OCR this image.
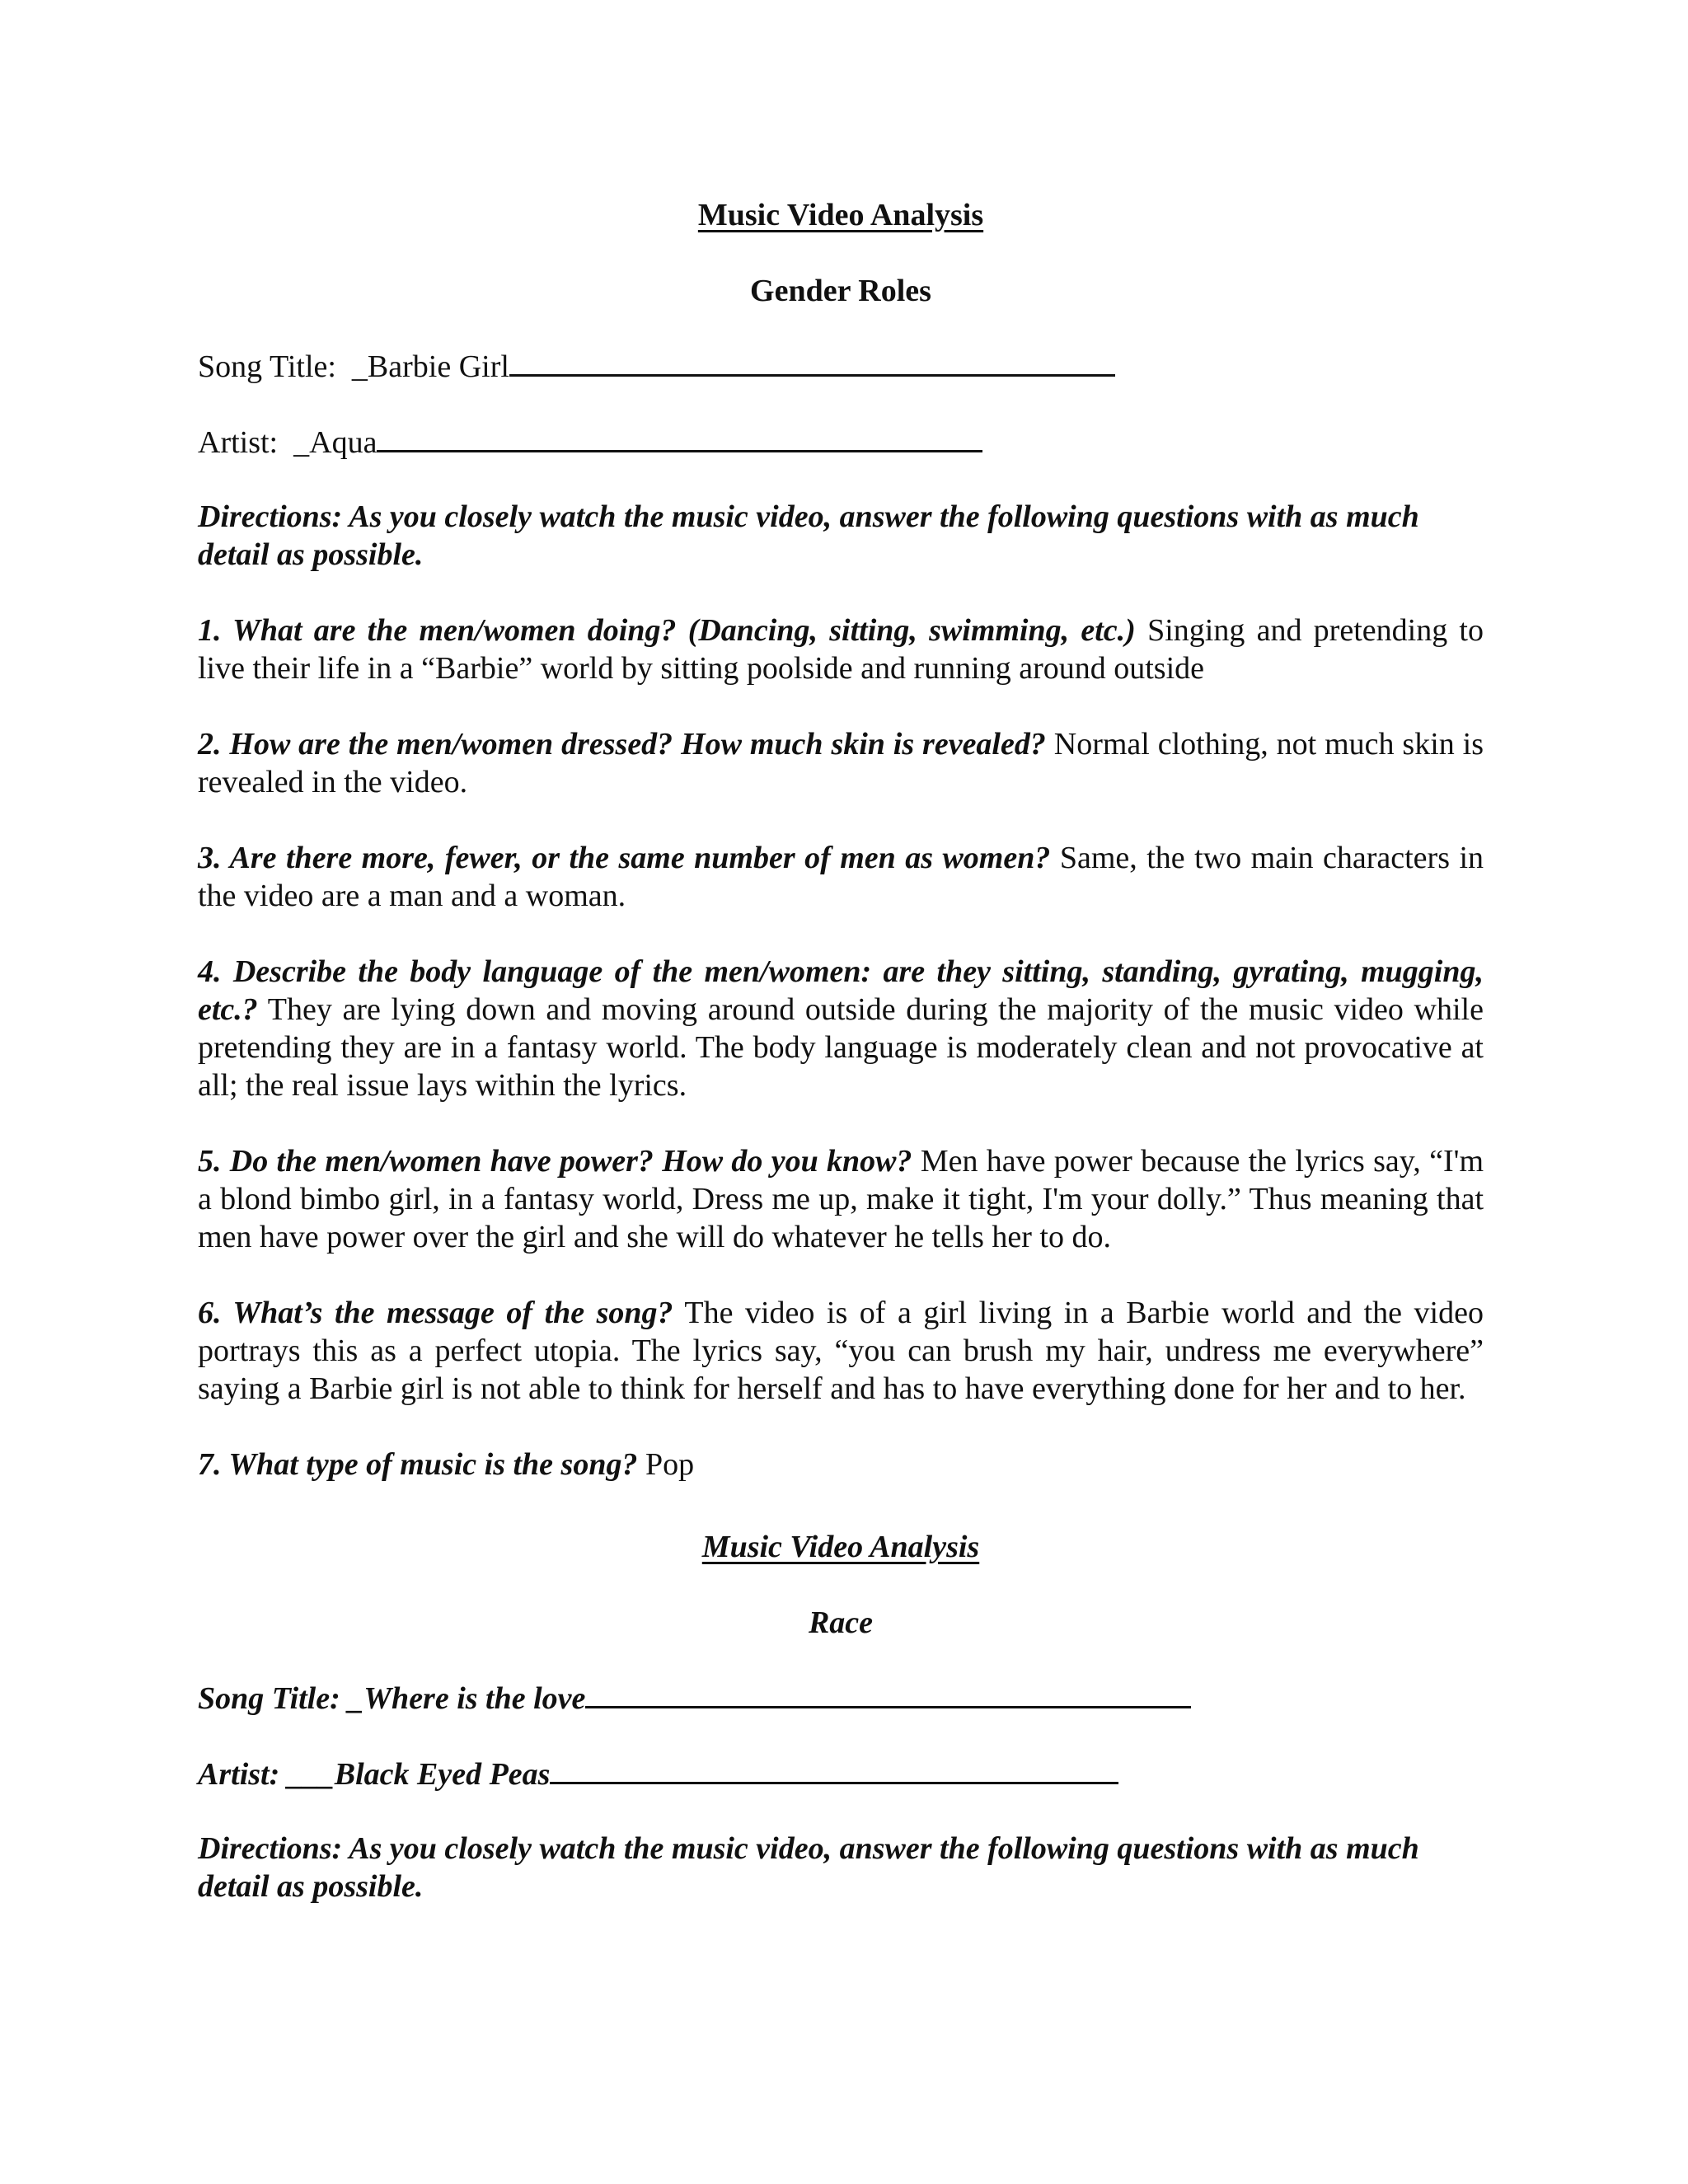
Music Video Analysis
Gender Roles
Song Title: _Barbie Girl
Artist: _Aqua
Directions: As you closely watch the music video, answer the following questions with as much detail as possible.
1. What are the men/women doing? (Dancing, sitting, swimming, etc.) Singing and pretending to live their life in a “Barbie” world by sitting poolside and running around outside
2. How are the men/women dressed? How much skin is revealed? Normal clothing, not much skin is revealed in the video.
3. Are there more, fewer, or the same number of men as women? Same, the two main characters in the video are a man and a woman.
4. Describe the body language of the men/women: are they sitting, standing, gyrating, mugging, etc.? They are lying down and moving around outside during the majority of the music video while pretending they are in a fantasy world. The body language is moderately clean and not provocative at all; the real issue lays within the lyrics.
5. Do the men/women have power? How do you know? Men have power because the lyrics say, “I'm a blond bimbo girl, in a fantasy world, Dress me up, make it tight, I'm your dolly.” Thus meaning that men have power over the girl and she will do whatever he tells her to do.
6. What’s the message of the song? The video is of a girl living in a Barbie world and the video portrays this as a perfect utopia. The lyrics say, “you can brush my hair, undress me everywhere” saying a Barbie girl is not able to think for herself and has to have everything done for her and to her.
7. What type of music is the song? Pop
Music Video Analysis
Race
Song Title: _Where is the love
Artist: ___Black Eyed Peas
Directions: As you closely watch the music video, answer the following questions with as much detail as possible.
